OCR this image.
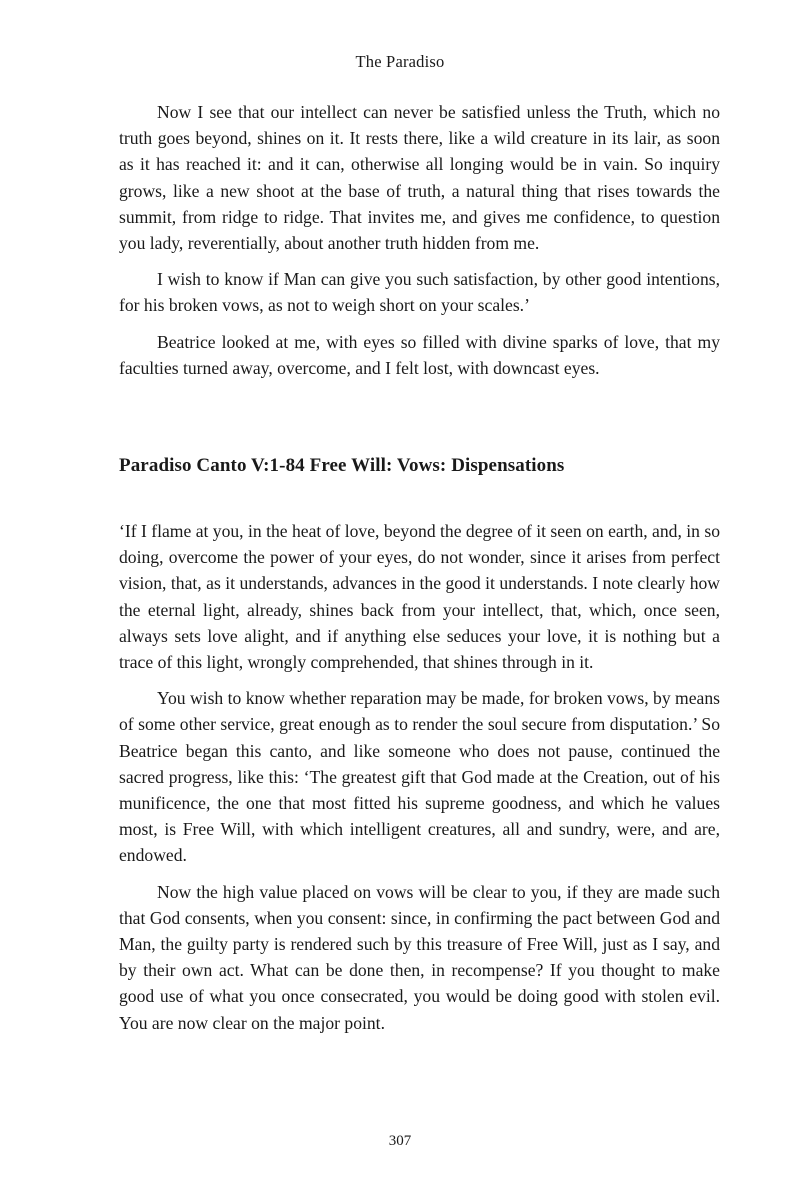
The Paradiso

Now I see that our intellect can never be satisfied unless the Truth, which no truth goes beyond, shines on it. It rests there, like a wild creature in its lair, as soon as it has reached it: and it can, otherwise all longing would be in vain. So inquiry grows, like a new shoot at the base of truth, a natural thing that rises towards the summit, from ridge to ridge. That invites me, and gives me confidence, to question you lady, reverentially, about another truth hidden from me.

I wish to know if Man can give you such satisfaction, by other good intentions, for his broken vows, as not to weigh short on your scales.’

Beatrice looked at me, with eyes so filled with divine sparks of love, that my faculties turned away, overcome, and I felt lost, with downcast eyes.

Paradiso Canto V:1-84 Free Will: Vows: Dispensations

‘If I flame at you, in the heat of love, beyond the degree of it seen on earth, and, in so doing, overcome the power of your eyes, do not wonder, since it arises from perfect vision, that, as it understands, advances in the good it understands. I note clearly how the eternal light, already, shines back from your intellect, that, which, once seen, always sets love alight, and if anything else seduces your love, it is nothing but a trace of this light, wrongly comprehended, that shines through in it.

You wish to know whether reparation may be made, for broken vows, by means of some other service, great enough as to render the soul secure from disputation.’ So Beatrice began this canto, and like someone who does not pause, continued the sacred progress, like this: ‘The greatest gift that God made at the Creation, out of his munificence, the one that most fitted his supreme goodness, and which he values most, is Free Will, with which intelligent creatures, all and sundry, were, and are, endowed.

Now the high value placed on vows will be clear to you, if they are made such that God consents, when you consent: since, in confirming the pact between God and Man, the guilty party is rendered such by this treasure of Free Will, just as I say, and by their own act. What can be done then, in recompense? If you thought to make good use of what you once consecrated, you would be doing good with stolen evil. You are now clear on the major point.

307
